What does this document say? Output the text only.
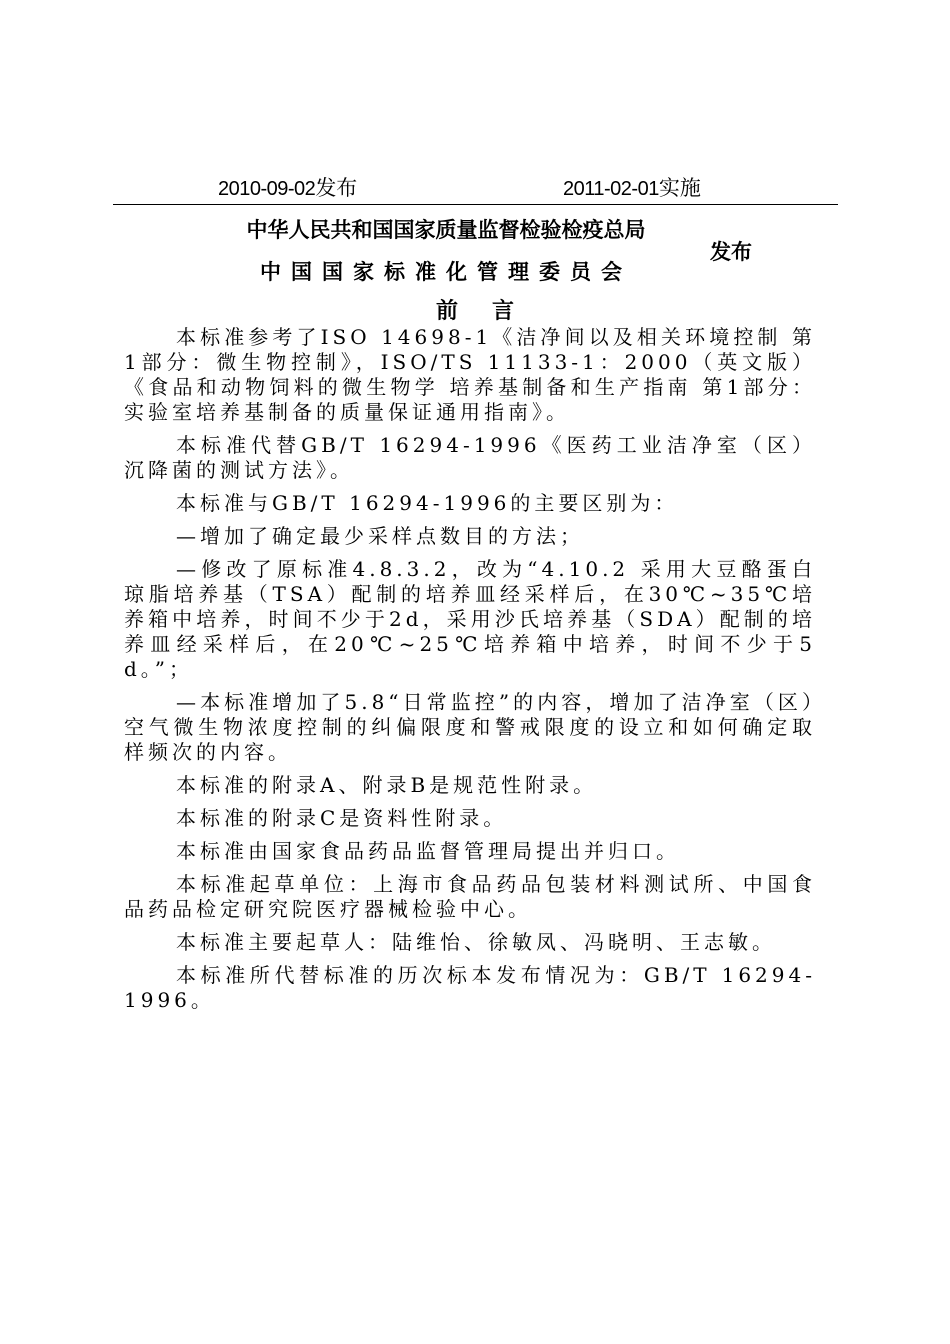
2010-09-02发布	2011-02-01实施
中华人民共和国国家质量监督检验检疫总局
中国国家标准化管理委员会
发布
前言

本标准参考了ISO 14698-1《洁净间以及相关环境控制 第1部分：微生物控制》，ISO/TS 11133-1：2000（英文版）《食品和动物饲料的微生物学 培养基制备和生产指南 第1部分：实验室培养基制备的质量保证通用指南》。

本标准代替GB/T 16294-1996《医药工业洁净室（区）沉降菌的测试方法》。

本标准与GB/T 16294-1996的主要区别为：

—增加了确定最少采样点数目的方法；

—修改了原标准4.8.3.2，改为“4.10.2 采用大豆酪蛋白琼脂培养基（TSA）配制的培养皿经采样后，在30℃~35℃培养箱中培养，时间不少于2d，采用沙氏培养基（SDA）配制的培养皿经采样后，在20℃~25℃培养箱中培养，时间不少于5d。”；

—本标准增加了5.8“日常监控”的内容，增加了洁净室（区）空气微生物浓度控制的纠偏限度和警戒限度的设立和如何确定取样频次的内容。

本标准的附录A、附录B是规范性附录。

本标准的附录C是资料性附录。

本标准由国家食品药品监督管理局提出并归口。

本标准起草单位：上海市食品药品包装材料测试所、中国食品药品检定研究院医疗器械检验中心。

本标准主要起草人：陆维怡、徐敏凤、冯晓明、王志敏。

本标准所代替标准的历次标本发布情况为：GB/T 16294-1996。
